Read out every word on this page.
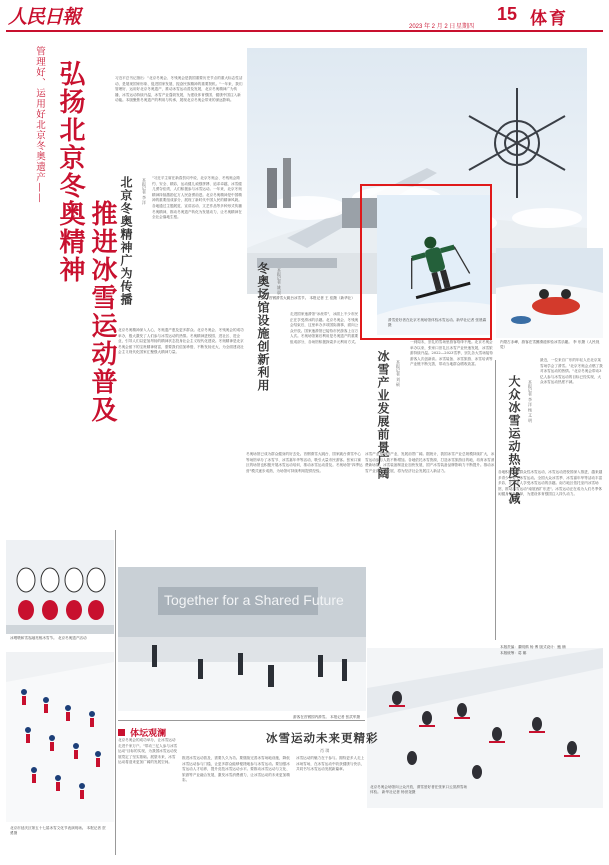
人民日報	2023 年 2 月 2 日 星期四
15 体育
管理好、运用好北京冬奥遗产—— 弘扬北京冬奥精神
推进冰雪运动普及
习近平总书记指出："北京冬奥会、冬残奥会是我国重要历史节点的重大标志性活动，是展现国家形象、促进国家发展、振奋民族精神的重要契机。"一年来，我们管理好、运用好北京冬奥遗产，推动冰雪运动普及发展，北京冬奥精神广为传播，冰雪运动持续升温，冰雪产业蓬勃发展，为建设体育强国、健康中国注入新动能。本版聚焦冬奥遗产的利用与传承，展现北京冬奥会带来的深远影响。
上图：首钢滑雪大跳台冰雪节。 本报记者 王 佳摄（新华社）
北京冬奥精神广为传播	本报记者 李 洋 "习近平主席在新春贺词中说，北京冬奥会、冬残奥会简约、安全、精彩，运动健儿顽强拼搏、追求卓越，冰雪健儿勇夺佳绩，人们积极参与冰雪运动。一年来，北京冬奥精神持续激励亿万人民奋勇前进。北京冬奥精神是中国精神的重要组成部分，展现了新时代中国人民的精神风貌。各地通过主题展览、宣讲活动、文艺作品等多种形式传播冬奥精神，推动冬奥遗产转化为发展动力，让冬奥精神在全社会落地生根。
北京冬奥精神深入人心，冬奥遗产惠及更多群众。北京冬奥会、冬残奥会的成功举办，极大激发了人们参与冰雪运动的热情。冬奥精神进校园、进社区、进企业，引导人们以更加昂扬的精神状态投身社会主义现代化建设。冬奥精神是北京冬奥会留下的宝贵精神财富，需要我们倍加珍惜，不断发扬光大，为全面建设社会主义现代化国家汇聚强大精神力量。	冬奥场馆设施创新利用	本报记者 姚 晨
走进国家速滑馆"冰丝带"，冰面上不少市民正在享受滑冰的乐趣。北京冬奥会、冬残奥会结束后，这里举办多项国际赛事，面向公众开放。国家速滑馆已接待市民游客上百万人次。冬奥场馆赛后利用是冬奥遗产的重要组成部分，各场馆积极探索多元利用方式。
冬奥场馆已成为群众健身的好去处。首钢滑雪大跳台、国家跳台滑雪中心等场馆举办了冰雪节、冰雪嘉年华等活动，吸引大量市民游客。张家口赛区的场馆也积极开展冰雪运动培训，推动冰雪运动普及。冬奥场馆"四季运营"模式逐步成熟，为场馆可持续利用提供经验。
滑雪爱好者在北京冬奥场馆体验冰雪运动。新华社记者 张晨霖摄
内蒙古赤峰，游客在雪圈滑道体验冰雪乐趣。 李 东摄（人民视觉）
冰雪产业发展前景广阔	本报记者 刘 硕
一到周末，崇礼的雪场里游客络绎不绝。北京冬奥会举办以来，张家口崇礼区冰雪产业快速发展，冰雪旅游持续升温。2022—2023雪季，崇礼各大雪场接待游客人次创新高。冰雪装备、冰雪旅游、冰雪培训等产业链不断完善，带动当地群众增收致富。
冰雪产业是朝阳产业，发展前景广阔。据统计，我国冰雪产业总规模持续扩大，冰雪运动参与人数不断增加。各地依托冰雪资源，打造冰雪旅游目的地，培育冰雪消费新场景。冰雪装备制造业加快发展，国产冰雪装备品牌影响力不断提升。推动冰雪产业高质量发展，将为经济社会发展注入新活力。	大众冰雪运动热度不减	本报记者 李 洋 杨 文 明
最近，一位来自广东的年轻人在北京某雪场学会了滑雪。"北京冬奥会点燃了我对冰雪运动的热情。"北京冬奥会带动3亿人参与冰雪运动的目标已经实现，大众冰雪运动热度不减。
各地积极开展群众性冰雪运动，冰雪运动进校园深入推进，越来越多青少年爱上冰雪运动。全国大众冰雪季、冰雪嘉年华等活动丰富多彩，让更多人享受冰雪运动的乐趣。南方地区依托室内冰雪场馆，推动冰雪运动"南展西扩东进"。冰雪运动正在成为人们冬季休闲健身的新选择，为建设体育强国注入持久动力。
冰墩墩和雪容融亮相冰雪节。 北京冬奥遗产活动
北京市延庆区第五十七届冰雪文化节表演现场。 本报记者 贺 勇摄
Together for a Shared Future
游客在首钢园内滑雪。 本报记者 张武军摄
北京冬奥会场馆向公众开放，滑雪爱好者在张家口云顶滑雪场体验。 新华社记者 杨世尧摄
体坛观澜	冰雪运动未来更精彩
肖 琪
北京冬奥会的成功举办，让冰雪运动走进千家万户。"带动三亿人参与冰雪运动"目标的实现，为我国冰雪运动发展奠定了坚实基础。展望未来，冰雪运动将迎来更加广阔的发展空间。
推进冰雪运动普及，需要久久为功。要继续完善冰雪场地设施，降低冰雪运动参与门槛，让更多群众能够便捷地参与冰雪运动。要加强冰雪运动人才培养，提升竞技冰雪运动水平。要推动冰雪运动与文化、旅游等产业融合发展，激发冰雪消费潜力，让冰雪运动的未来更加精彩。
冰雪运动的魅力在于参与。期待更多人走上冰场雪场，在冰雪运动中收获健康与快乐，共同书写冰雪运动发展新篇章。
本版责编：董明鹤 杨 博 版式设计：鲍 楠
本版统筹：葛 娜
